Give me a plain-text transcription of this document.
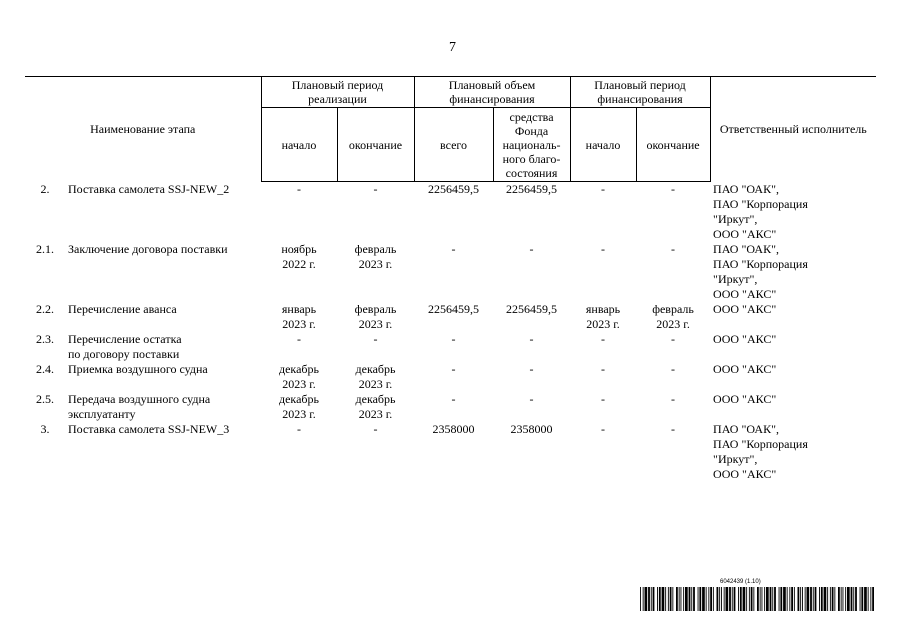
7
Наименование этапа		Плановый период реализации		Плановый объем финансирования		Плановый период финансирования		Ответственный исполнитель
		начало	окончание	всего	средства Фонда националь-ного благо-состояния	начало	окончание	
2.	Поставка самолета SSJ-NEW_2	-	-	2256459,5	2256459,5	-	-	ПАО "ОАК",
ПАО "Корпорация
"Иркут",
ООО "АКС"
2.1.	Заключение договора поставки	ноябрь
2022 г.	февраль
2023 г.	-	-	-	-	ПАО "ОАК",
ПАО "Корпорация
"Иркут",
ООО "АКС"
2.2.	Перечисление аванса	январь
2023 г.	февраль
2023 г.	2256459,5	2256459,5	январь
2023 г.	февраль
2023 г.	ООО "АКС"
2.3.	Перечисление остатка
по договору поставки	-	-	-	-	-	-	ООО "АКС"
2.4.	Приемка воздушного судна	декабрь
2023 г.	декабрь
2023 г.	-	-	-	-	ООО "АКС"
2.5.	Передача воздушного судна
эксплуатанту	декабрь
2023 г.	декабрь
2023 г.	-	-	-	-	ООО "АКС"
3.	Поставка самолета SSJ-NEW_3	-	-	2358000	2358000	-	-	ПАО "ОАК",
ПАО "Корпорация
"Иркут",
ООО "АКС"
6042439 (1.10)
